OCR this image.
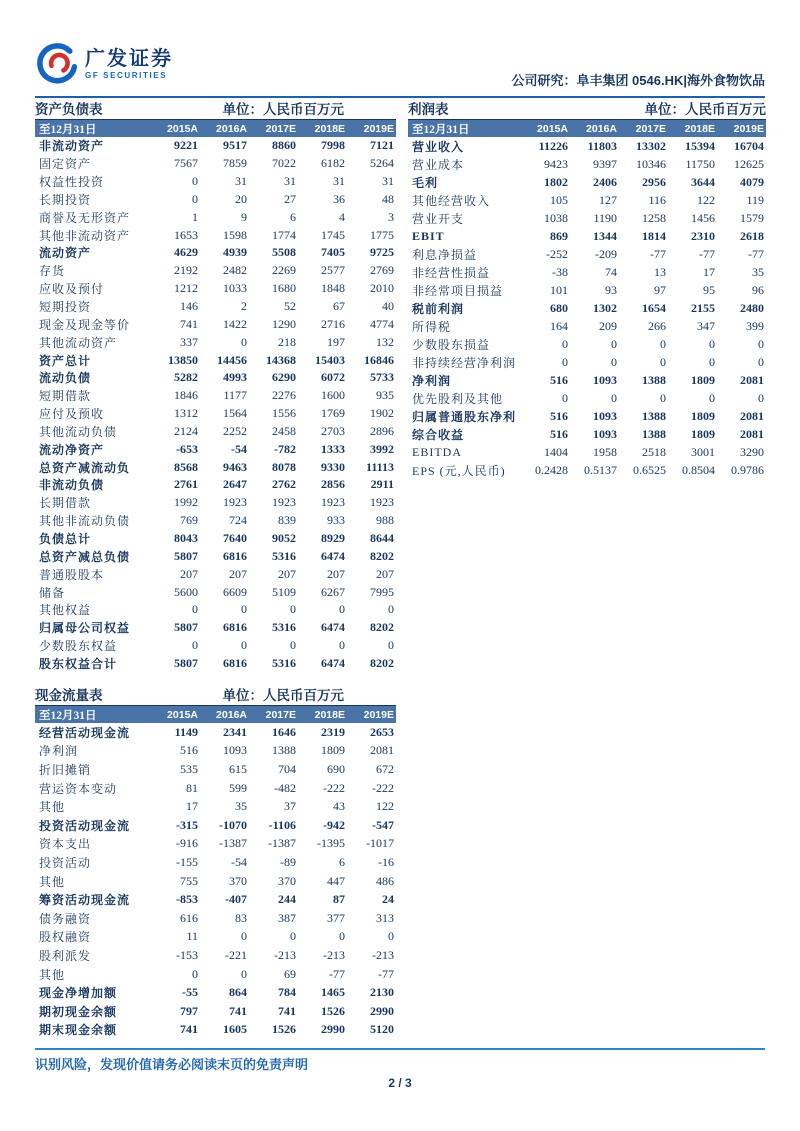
广发证券
GF SECURITIES	公司研究：阜丰集团 0546.HK|海外食物饮品
资产负债表	单位：人民币百万元
至12月31日	2015A	2016A	2017E	2018E	2019E
非流动资产	9221	9517	8860	7998	7121
固定资产	7567	7859	7022	6182	5264
权益性投资	0	31	31	31	31
长期投资	0	20	27	36	48
商誉及无形资产	1	9	6	4	3
其他非流动资产	1653	1598	1774	1745	1775
流动资产	4629	4939	5508	7405	9725
存货	2192	2482	2269	2577	2769
应收及预付	1212	1033	1680	1848	2010
短期投资	146	2	52	67	40
现金及现金等价	741	1422	1290	2716	4774
其他流动资产	337	0	218	197	132
资产总计	13850	14456	14368	15403	16846
流动负债	5282	4993	6290	6072	5733
短期借款	1846	1177	2276	1600	935
应付及预收	1312	1564	1556	1769	1902
其他流动负债	2124	2252	2458	2703	2896
流动净资产	-653	-54	-782	1333	3992
总资产减流动负	8568	9463	8078	9330	11113
非流动负债	2761	2647	2762	2856	2911
长期借款	1992	1923	1923	1923	1923
其他非流动负债	769	724	839	933	988
负债总计	8043	7640	9052	8929	8644
总资产减总负债	5807	6816	5316	6474	8202
普通股股本	207	207	207	207	207
储备	5600	6609	5109	6267	7995
其他权益	0	0	0	0	0
归属母公司权益	5807	6816	5316	6474	8202
少数股东权益	0	0	0	0	0
股东权益合计	5807	6816	5316	6474	8202
利润表	单位：人民币百万元
至12月31日	2015A	2016A	2017E	2018E	2019E
营业收入	11226	11803	13302	15394	16704
营业成本	9423	9397	10346	11750	12625
毛利	1802	2406	2956	3644	4079
其他经营收入	105	127	116	122	119
营业开支	1038	1190	1258	1456	1579
EBIT	869	1344	1814	2310	2618
利息净损益	-252	-209	-77	-77	-77
非经营性损益	-38	74	13	17	35
非经常项目损益	101	93	97	95	96
税前利润	680	1302	1654	2155	2480
所得税	164	209	266	347	399
少数股东损益	0	0	0	0	0
非持续经营净利润	0	0	0	0	0
净利润	516	1093	1388	1809	2081
优先股利及其他	0	0	0	0	0
归属普通股东净利	516	1093	1388	1809	2081
综合收益	516	1093	1388	1809	2081
EBITDA	1404	1958	2518	3001	3290
EPS (元,人民币)	0.2428	0.5137	0.6525	0.8504	0.9786
现金流量表	单位：人民币百万元
至12月31日	2015A	2016A	2017E	2018E	2019E
经营活动现金流	1149	2341	1646	2319	2653
净利润	516	1093	1388	1809	2081
折旧摊销	535	615	704	690	672
营运资本变动	81	599	-482	-222	-222
其他	17	35	37	43	122
投资活动现金流	-315	-1070	-1106	-942	-547
资本支出	-916	-1387	-1387	-1395	-1017
投资活动	-155	-54	-89	6	-16
其他	755	370	370	447	486
筹资活动现金流	-853	-407	244	87	24
债务融资	616	83	387	377	313
股权融资	11	0	0	0	0
股利派发	-153	-221	-213	-213	-213
其他	0	0	69	-77	-77
现金净增加额	-55	864	784	1465	2130
期初现金余额	797	741	741	1526	2990
期末现金余额	741	1605	1526	2990	5120
识别风险，发现价值请务必阅读末页的免责声明
2 / 3
